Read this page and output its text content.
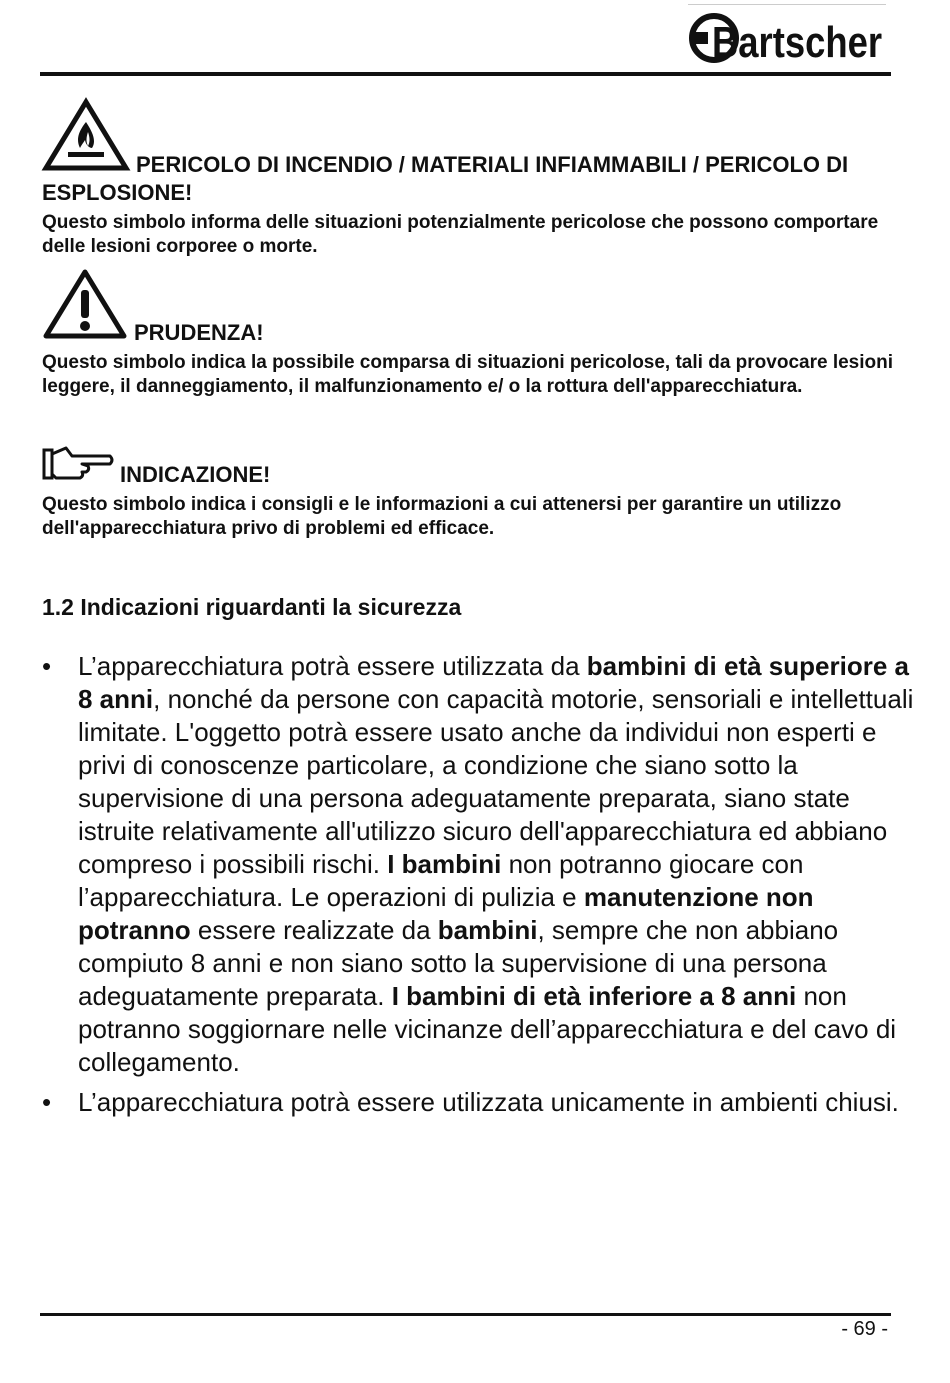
Bartscher
PERICOLO DI INCENDIO / MATERIALI INFIAMMABILI / PERICOLO DI ESPLOSIONE!
Questo simbolo informa delle situazioni potenzialmente pericolose che possono comportare delle lesioni corporee o morte.
PRUDENZA!
Questo simbolo indica la possibile comparsa di situazioni pericolose, tali da provocare lesioni leggere, il danneggiamento, il malfunzionamento e/ o la rottura dell'apparecchiatura.
INDICAZIONE!
Questo simbolo indica i consigli e le informazioni a cui attenersi per garantire un utilizzo dell'apparecchiatura privo di problemi ed efficace.
1.2 Indicazioni riguardanti la sicurezza
• L’apparecchiatura potrà essere utilizzata da bambini di età superiore a 8 anni, nonché da persone con capacità motorie, sensoriali e intellettuali limitate. L'oggetto potrà essere usato anche da individui non esperti e privi di conoscenze particolare, a condizione che siano sotto la supervisione di una persona adeguatamente preparata, siano state istruite relativamente all'utilizzo sicuro dell'apparecchiatura ed abbiano compreso i possibili rischi. I bambini non potranno giocare con l’apparecchiatura. Le operazioni di pulizia e manutenzione non potranno essere realizzate da bambini, sempre che non abbiano compiuto 8 anni e non siano sotto la supervisione di una persona adeguatamente preparata. I bambini di età inferiore a 8 anni non potranno soggiornare nelle vicinanze dell’apparecchiatura e del cavo di collegamento.
• L’apparecchiatura potrà essere utilizzata unicamente in ambienti chiusi.
- 69 -
